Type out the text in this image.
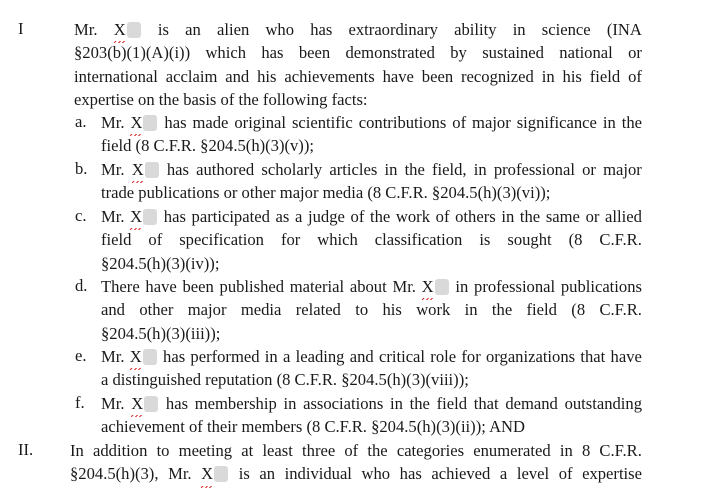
I	Mr. X	is an alien who has extraordinary ability in science (INA
§203(b)(1)(A)(i)) which has been demonstrated by sustained national or
international acclaim and his achievements have been recognized in his field of
expertise on the basis of the following facts:
a. Mr. X	has made original scientific contributions of major significance in the
field (8 C.F.R. §204.5(h)(3)(v));
b. Mr. X	has authored scholarly articles in the field, in professional or major
trade publications or other major media (8 C.F.R. §204.5(h)(3)(vi));
c. Mr. X	has participated as a judge of the work of others in the same or allied
field of specification for which classification is sought (8 C.F.R.
§204.5(h)(3)(iv));
d. There have been published material about Mr. X	in professional publications
and other major media related to his work in the field (8 C.F.R.
§204.5(h)(3)(iii));
e. Mr. X	has performed in a leading and critical role for organizations that have
a distinguished reputation (8 C.F.R. §204.5(h)(3)(viii));
f. Mr. X	has membership in associations in the field that demand outstanding
achievement of their members (8 C.F.R. §204.5(h)(3)(ii)); AND
II. In addition to meeting at least three of the categories enumerated in 8 C.F.R.
§204.5(h)(3), Mr. X	is an individual who has achieved a level of expertise
